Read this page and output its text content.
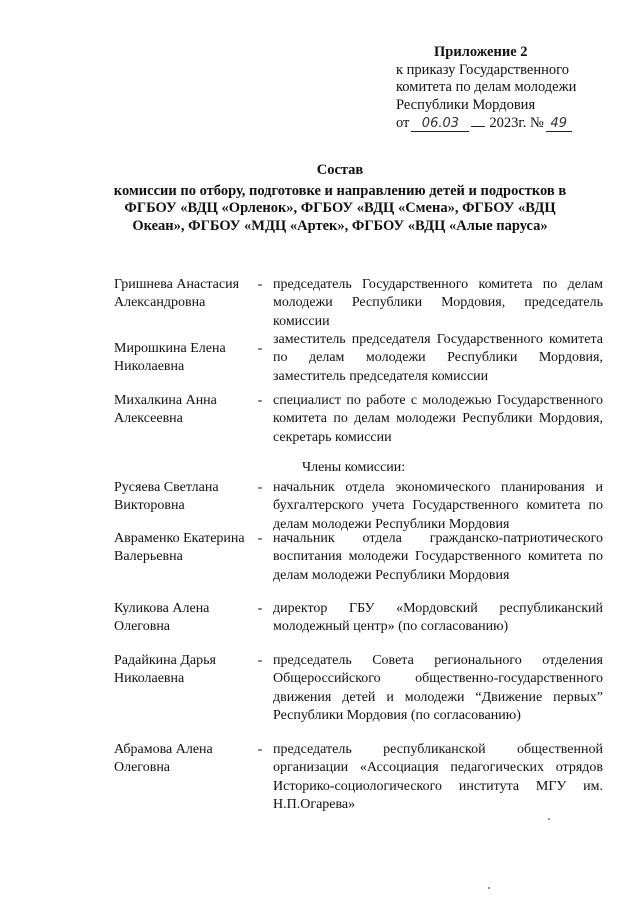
Приложение 2
к приказу Государственного
комитета по делам молодежи
Республики Мордовия
от 06.03	2023г. № 49
Состав
комиссии по отбору, подготовке и направлению детей и подростков в ФГБОУ «ВДЦ «Орленок», ФГБОУ «ВДЦ «Смена», ФГБОУ «ВДЦ Океан», ФГБОУ «МДЦ «Артек», ФГБОУ «ВДЦ «Алые паруса»
Гришнева Анастасия Александровна
- председатель Государственного комитета по делам молодежи Республики Мордовия, председатель комиссии
Мирошкина Елена Николаевна
-
заместитель председателя Государственного комитета по делам молодежи Республики Мордовия, заместитель председателя комиссии
Михалкина Анна Алексеевна
- специалист по работе с молодежью Государственного комитета по делам молодежи Республики Мордовия, секретарь комиссии
Члены комиссии:
Русяева Светлана Викторовна
- начальник отдела экономического планирования и бухгалтерского учета Государственного комитета по делам молодежи Республики Мордовия
Авраменко Екатерина Валерьевна
- начальник отдела гражданско-патриотического воспитания молодежи Государственного комитета по делам молодежи Республики Мордовия
Куликова Алена Олеговна
- директор ГБУ «Мордовский республиканский молодежный центр» (по согласованию)
Радайкина Дарья Николаевна
- председатель Совета регионального отделения Общероссийского общественно-государственного движения детей и молодежи “Движение первых” Республики Мордовия (по согласованию)
Абрамова Алена Олеговна
- председатель республиканской общественной организации «Ассоциация педагогических отрядов Историко-социологического института МГУ им. Н.П.Огарева»
